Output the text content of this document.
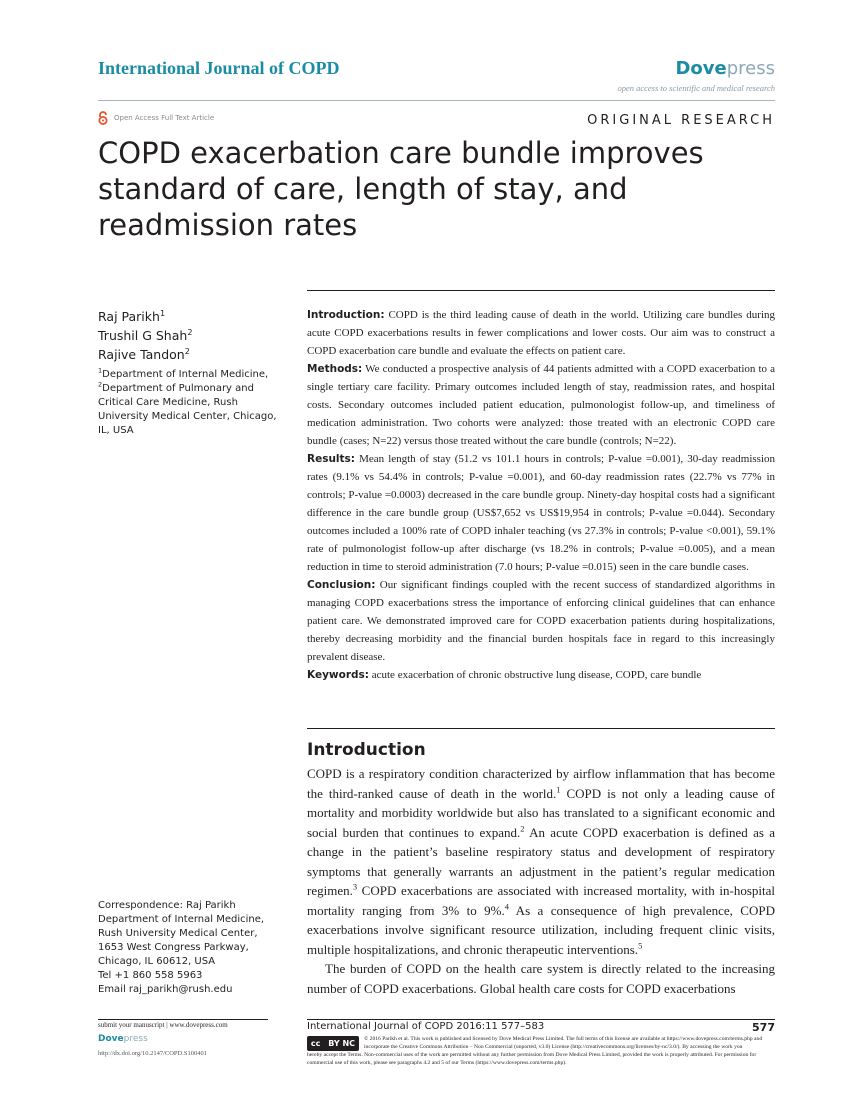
International Journal of COPD	Dovepress
open access to scientific and medical research
Open Access Full Text Article	ORIGINAL RESEARCH
COPD exacerbation care bundle improves standard of care, length of stay, and readmission rates
Raj Parikh$^1$
Trushil G Shah$^2$
Rajive Tandon$^2$
$^1$Department of Internal Medicine,
$^2$Department of Pulmonary and Critical Care Medicine, Rush University Medical Center, Chicago, IL, USA
Correspondence: Raj Parikh
Department of Internal Medicine, Rush University Medical Center, 1653 West Congress Parkway, Chicago, IL 60612, USA
Tel +1 860 558 5963
Email raj_parikh@rush.edu

Introduction: COPD is the third leading cause of death in the world. Utilizing care bundles during acute COPD exacerbations results in fewer complications and lower costs. Our aim was to construct a COPD exacerbation care bundle and evaluate the effects on patient care.

Methods: We conducted a prospective analysis of 44 patients admitted with a COPD exacerbation to a single tertiary care facility. Primary outcomes included length of stay, readmission rates, and hospital costs. Secondary outcomes included patient education, pulmonologist follow-up, and timeliness of medication administration. Two cohorts were analyzed: those treated with an electronic COPD care bundle (cases; N=22) versus those treated without the care bundle (controls; N=22).

Results: Mean length of stay (51.2 vs 101.1 hours in controls; P-value =0.001), 30-day readmission rates (9.1% vs 54.4% in controls; P-value =0.001), and 60-day readmission rates (22.7% vs 77% in controls; P-value =0.0003) decreased in the care bundle group. Ninety-day hospital costs had a significant difference in the care bundle group (US$7,652 vs US$19,954 in controls; P-value =0.044). Secondary outcomes included a 100% rate of COPD inhaler teaching (vs 27.3% in controls; P-value <0.001), 59.1% rate of pulmonologist follow-up after discharge (vs 18.2% in controls; P-value =0.005), and a mean reduction in time to steroid administration (7.0 hours; P-value =0.015) seen in the care bundle cases.

Conclusion: Our significant findings coupled with the recent success of standardized algorithms in managing COPD exacerbations stress the importance of enforcing clinical guidelines that can enhance patient care. We demonstrated improved care for COPD exacerbation patients during hospitalizations, thereby decreasing morbidity and the financial burden hospitals face in regard to this increasingly prevalent disease.

Keywords: acute exacerbation of chronic obstructive lung disease, COPD, care bundle

Introduction

COPD is a respiratory condition characterized by airflow inflammation that has become the third-ranked cause of death in the world.$^1$ COPD is not only a leading cause of mortality and morbidity worldwide but also has translated to a significant economic and social burden that continues to expand.$^2$ An acute COPD exacerbation is defined as a change in the patient’s baseline respiratory status and development of respiratory symptoms that generally warrants an adjustment in the patient’s regular medication regimen.$^3$ COPD exacerbations are associated with increased mortality, with in-hospital mortality ranging from 3% to 9%.$^4$ As a consequence of high prevalence, COPD exacerbations involve significant resource utilization, including frequent clinic visits, multiple hospitalizations, and chronic therapeutic interventions.$^5$

The burden of COPD on the health care system is directly related to the increasing number of COPD exacerbations. Global health care costs for COPD exacerbations

submit your manuscript | www.dovepress.com
Dovepress
http://dx.doi.org/10.2147/COPD.S100401
International Journal of COPD 2016:11 577–583	577
cc BY NC © 2016 Parikh et al. This work is published and licensed by Dove Medical Press Limited. The full terms of this license are available at https://www.dovepress.com/terms.php and incorporate the Creative Commons Attribution – Non Commercial (unported, v3.0) License (http://creativecommons.org/licenses/by-nc/3.0/). By accessing the work you
hereby accept the Terms. Non-commercial uses of the work are permitted without any further permission from Dove Medical Press Limited, provided the work is properly attributed. For permission for commercial use of this work, please see paragraphs 4.2 and 5 of our Terms (https://www.dovepress.com/terms.php).
